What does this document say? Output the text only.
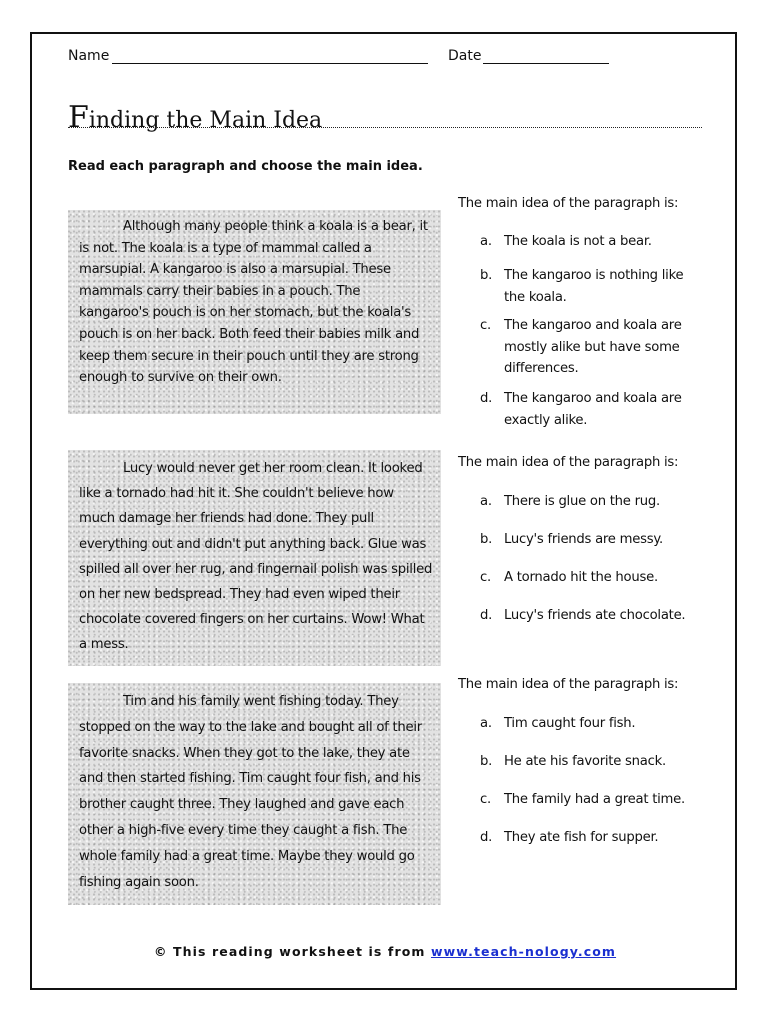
Name	Date
Finding the Main Idea
Read each paragraph and choose the main idea.

Although many people think a koala is a bear, it is not. The koala is a type of mammal called a marsupial. A kangaroo is also a marsupial. These mammals carry their babies in a pouch. The kangaroo's pouch is on her stomach, but the koala's pouch is on her back. Both feed their babies milk and keep them secure in their pouch until they are strong enough to survive on their own.

The main idea of the paragraph is:
a. The koala is not a bear.
b. The kangaroo is nothing like the koala.
c. The kangaroo and koala are mostly alike but have some differences.
d. The kangaroo and koala are exactly alike.

Lucy would never get her room clean. It looked like a tornado had hit it. She couldn't believe how much damage her friends had done. They pull everything out and didn't put anything back. Glue was spilled all over her rug, and fingernail polish was spilled on her new bedspread. They had even wiped their chocolate covered fingers on her curtains. Wow! What a mess.

The main idea of the paragraph is:
a. There is glue on the rug.
b. Lucy's friends are messy.
c. A tornado hit the house.
d. Lucy's friends ate chocolate.

Tim and his family went fishing today. They stopped on the way to the lake and bought all of their favorite snacks. When they got to the lake, they ate and then started fishing. Tim caught four fish, and his brother caught three. They laughed and gave each other a high-five every time they caught a fish. The whole family had a great time. Maybe they would go fishing again soon.

The main idea of the paragraph is:
a. Tim caught four fish.
b. He ate his favorite snack.
c. The family had a great time.
d. They ate fish for supper.
© This reading worksheet is from www.teach-nology.com
